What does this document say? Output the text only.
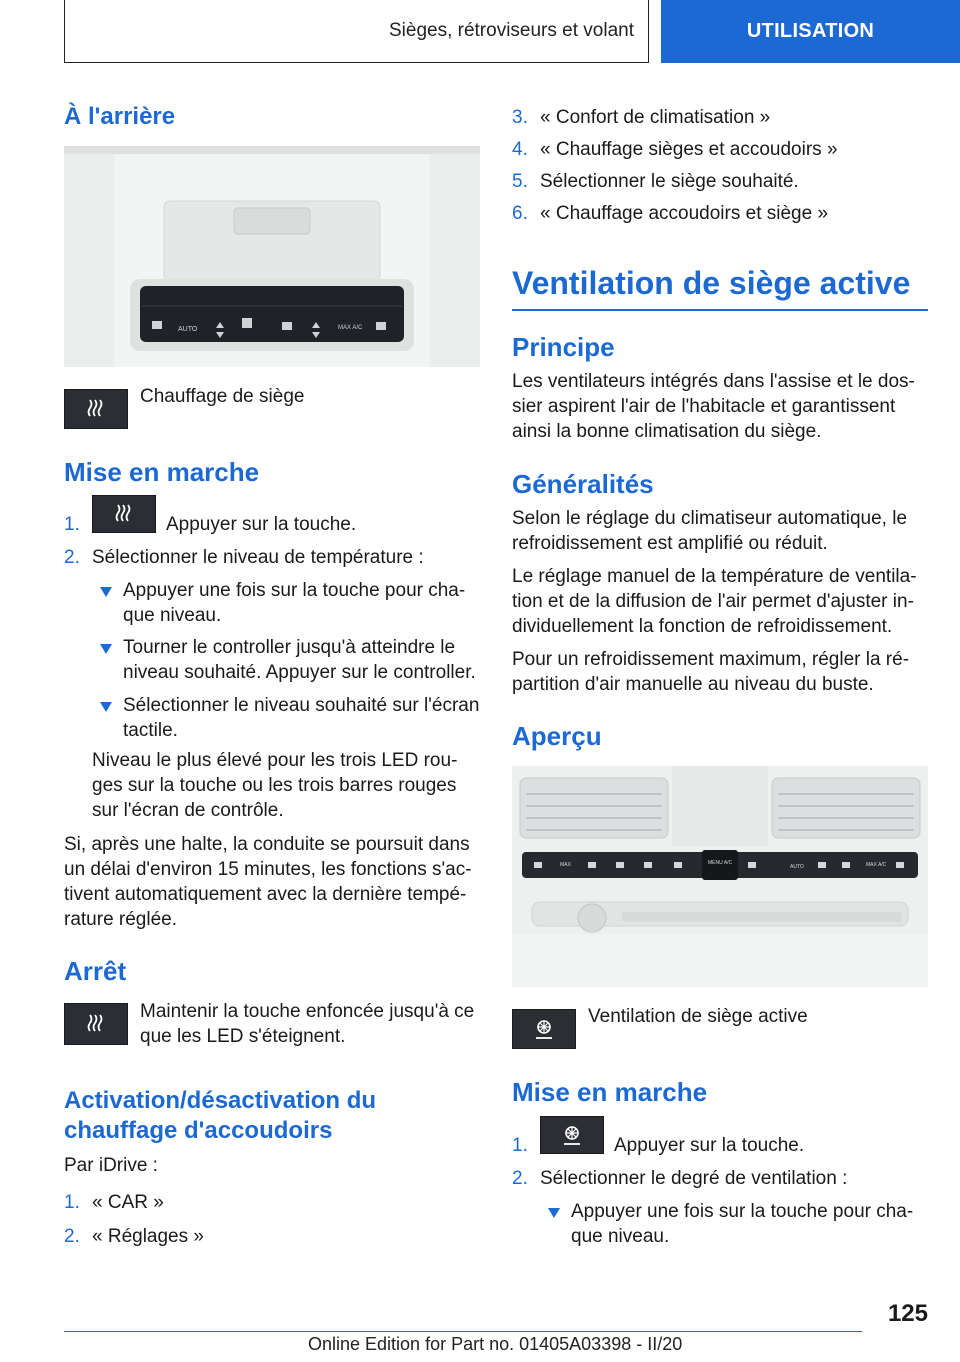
Sièges, rétroviseurs et volant	UTILISATION
À l'arrière
AUTO	MAX A/C

Chauffage de siège

Mise en marche
1.	Appuyer sur la touche.
2. Sélectionner le niveau de température :

Appuyer une fois sur la touche pour cha-
que niveau.

Tourner le controller jusqu'à atteindre le
niveau souhaité. Appuyer sur le controller.

Sélectionner le niveau souhaité sur l'écran
tactile.

Niveau le plus élevé pour les trois LED rou-
ges sur la touche ou les trois barres rouges
sur l'écran de contrôle.

Si, après une halte, la conduite se poursuit dans
un délai d'environ 15 minutes, les fonctions s'ac-
tivent automatiquement avec la dernière tempé-
rature réglée.

Arrêt

Maintenir la touche enfoncée jusqu'à ce
que les LED s'éteignent.

Activation/désactivation du
chauffage d'accoudoirs

Par iDrive :

1. « CAR »
2. « Réglages »
3. « Confort de climatisation »
4. « Chauffage sièges et accoudoirs »
5. Sélectionner le siège souhaité.
6. « Chauffage accoudoirs et siège »
Ventilation de siège active
Principe

Les ventilateurs intégrés dans l'assise et le dos-
sier aspirent l'air de l'habitacle et garantissent
ainsi la bonne climatisation du siège.

Généralités

Selon le réglage du climatiseur automatique, le
refroidissement est amplifié ou réduit.

Le réglage manuel de la température de ventila-
tion et de la diffusion de l'air permet d'ajuster in-
dividuellement la fonction de refroidissement.

Pour un refroidissement maximum, régler la ré-
partition d'air manuelle au niveau du buste.

Aperçu
MAX	MENU A/C
AUTO	MAX A/C

Ventilation de siège active

Mise en marche
1.	Appuyer sur la touche.
2. Sélectionner le degré de ventilation :

Appuyer une fois sur la touche pour cha-
que niveau.

125
Online Edition for Part no. 01405A03398 - II/20
